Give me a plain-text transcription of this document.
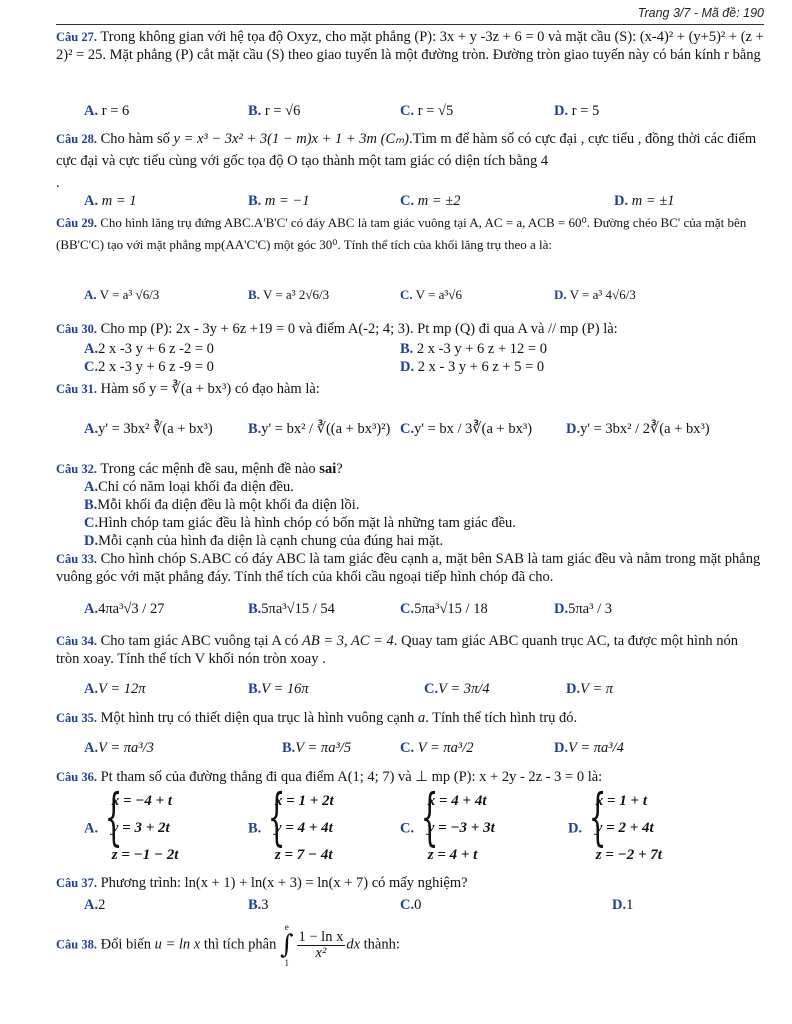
Trang 3/7 - Mã đề: 190
Câu 27. Trong không gian với hệ tọa độ Oxyz, cho mặt phẳng (P): 3x + y -3z + 6 = 0 và mặt cầu (S): (x-4)² + (y+5)² + (z + 2)² = 25. Mặt phẳng (P) cắt mặt cầu (S) theo giao tuyến là một đường tròn. Đường tròn giao tuyến này có bán kính r bằng
A. r = 6	B. r = √6	C. r = √5	D. r = 5
Câu 28. Cho hàm số y = x³ − 3x² + 3(1 − m)x + 1 + 3m (Cₘ).Tìm m để hàm số có cực đại , cực tiểu , đồng thời các điểm cực đại và cực tiểu cùng với gốc tọa độ O tạo thành một tam giác có diện tích bằng 4
.
A. m = 1	B. m = −1	C. m = ±2	D. m = ±1
Câu 29. Cho hình lăng trụ đứng ABC.A'B'C' có đáy ABC là tam giác vuông tại A, AC = a, ACB = 60⁰. Đường chéo BC' của mặt bên (BB'C'C) tạo với mặt phẳng mp(AA'C'C) một góc 30⁰. Tính thể tích của khối lăng trụ theo a là:
A. V = a³ √6/3	B. V = a³ 2√6/3	C. V = a³√6	D. V = a³ 4√6/3
Câu 30. Cho mp (P): 2x - 3y + 6z +19 = 0 và điểm A(-2; 4; 3). Pt mp (Q) đi qua A và // mp (P) là:
A.2 x -3 y + 6 z -2 = 0	B. 2 x -3 y + 6 z + 12 = 0
C.2 x -3 y + 6 z -9 = 0	D. 2 x - 3 y + 6 z + 5 = 0
Câu 31. Hàm số y = ∛(a + bx³) có đạo hàm là:
A.y' = 3bx² ∛(a + bx³) B.y' = bx² / ∛((a + bx³)²) C.y' = bx / 3∛(a + bx³) D.y' = 3bx² / 2∛(a + bx³)
Câu 32. Trong các mệnh đề sau, mệnh đề nào sai?
A.Chỉ có năm loại khối đa diện đều.
B.Mỗi khối đa diện đều là một khối đa diện lồi.
C.Hình chóp tam giác đều là hình chóp có bốn mặt là những tam giác đều.
D.Mỗi cạnh của hình đa diện là cạnh chung của đúng hai mặt.
Câu 33. Cho hình chóp S.ABC có đáy ABC là tam giác đều cạnh a, mặt bên SAB là tam giác đều và nằm trong mặt phẳng vuông góc với mặt phẳng đáy. Tính thể tích của khối cầu ngoại tiếp hình chóp đã cho.
A.4πa³√3 / 27	B.5πa³√15 / 54	C.5πa³√15 / 18	D.5πa³ / 3
Câu 34. Cho tam giác ABC vuông tại A có AB = 3, AC = 4. Quay tam giác ABC quanh trục AC, ta được một hình nón tròn xoay. Tính thể tích V khối nón tròn xoay .
A.V = 12π	B.V = 16π	C.V = 3π/4	D.V = π
Câu 35. Một hình trụ có thiết diện qua trục là hình vuông cạnh a. Tính thể tích hình trụ đó.
A.V = πa³/3	B.V = πa³/5	C. V = πa³/2	D.V = πa³/4
Câu 36. Pt tham số của đường thẳng đi qua điểm A(1; 4; 7) và ⊥ mp (P): x + 2y - 2z - 3 = 0 là:
A. {
x = −4 + t
y = 3 + 2t
z = −1 − 2t
B. {
x = 1 + 2t
y = 4 + 4t
z = 7 − 4t
C. {
x = 4 + 4t
y = −3 + 3t
z = 4 + t
D. {
x = 1 + t
y = 2 + 4t
z = −2 + 7t
Câu 37. Phương trình: ln(x + 1) + ln(x + 3) = ln(x + 7) có mấy nghiệm?
A.2	B.3	C.0	D.1
Câu 38. Đổi biến u = ln x thì tích phân
e
∫
1
$\frac{\text{1 − ln x}}{\text{x²}}$ dx thành:
